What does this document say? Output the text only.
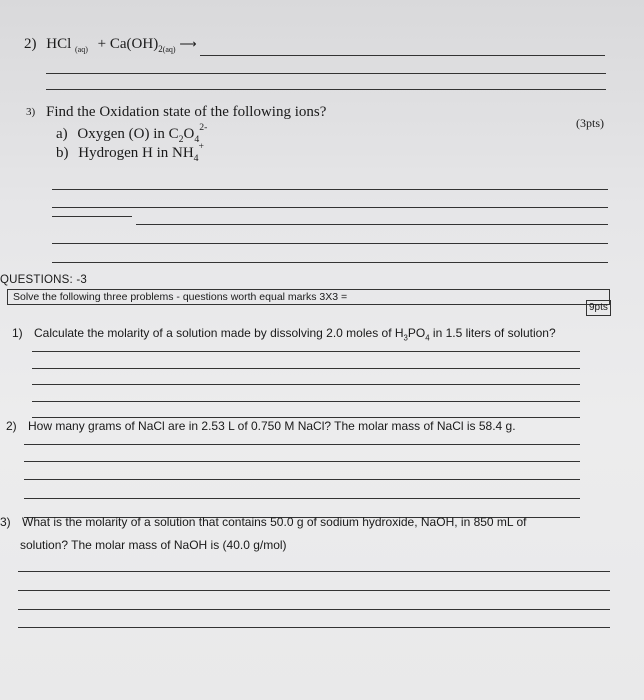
2) HCl $_{(aq)} + Ca(OH)_{2(aq)}$ ⟶
3) Find the Oxidation state of the following ions?
(3pts)
a) Oxygen (O) in $C_2O_4^{2-}$
b) Hydrogen H in $NH_4^+$
QUESTIONS: -3
Solve the following three problems - questions worth equal marks 3X3 =
9pts
1) Calculate the molarity of a solution made by dissolving 2.0 moles of $H_3PO_4$ in 1.5 liters of solution?
2) How many grams of NaCl are in 2.53 L of 0.750 M NaCl? The molar mass of NaCl is 58.4 g.
3) What is the molarity of a solution that contains 50.0 g of sodium hydroxide, NaOH, in 850 mL of
solution? The molar mass of NaOH is (40.0 g/mol)
